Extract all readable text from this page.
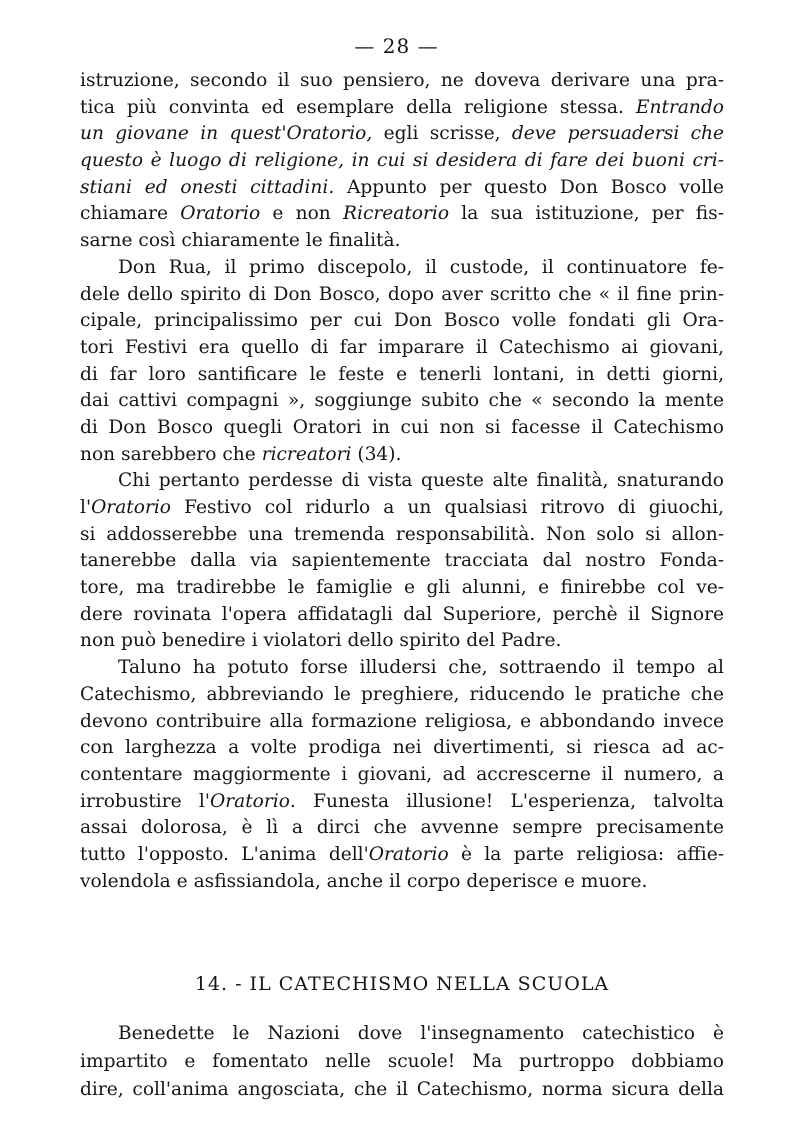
— 28 —
istruzione, secondo il suo pensiero, ne doveva derivare una pra-
tica più convinta ed esemplare della religione stessa. Entrando
un giovane in quest'Oratorio, egli scrisse, deve persuadersi che
questo è luogo di religione, in cui si desidera di fare dei buoni cri-
stiani ed onesti cittadini. Appunto per questo Don Bosco volle
chiamare Oratorio e non Ricreatorio la sua istituzione, per fis-
sarne così chiaramente le finalità.
Don Rua, il primo discepolo, il custode, il continuatore fe-
dele dello spirito di Don Bosco, dopo aver scritto che « il fine prin-
cipale, principalissimo per cui Don Bosco volle fondati gli Ora-
tori Festivi era quello di far imparare il Catechismo ai giovani,
di far loro santificare le feste e tenerli lontani, in detti giorni,
dai cattivi compagni », soggiunge subito che « secondo la mente
di Don Bosco quegli Oratori in cui non si facesse il Catechismo
non sarebbero che ricreatori (34).
Chi pertanto perdesse di vista queste alte finalità, snaturando
l'Oratorio Festivo col ridurlo a un qualsiasi ritrovo di giuochi,
si addosserebbe una tremenda responsabilità. Non solo si allon-
tanerebbe dalla via sapientemente tracciata dal nostro Fonda-
tore, ma tradirebbe le famiglie e gli alunni, e finirebbe col ve-
dere rovinata l'opera affidatagli dal Superiore, perchè il Signore
non può benedire i violatori dello spirito del Padre.
Taluno ha potuto forse illudersi che, sottraendo il tempo al
Catechismo, abbreviando le preghiere, riducendo le pratiche che
devono contribuire alla formazione religiosa, e abbondando invece
con larghezza a volte prodiga nei divertimenti, si riesca ad ac-
contentare maggiormente i giovani, ad accrescerne il numero, a
irrobustire l'Oratorio. Funesta illusione! L'esperienza, talvolta
assai dolorosa, è lì a dirci che avvenne sempre precisamente
tutto l'opposto. L'anima dell'Oratorio è la parte religiosa: affie-
volendola e asfissiandola, anche il corpo deperisce e muore.
14. - IL CATECHISMO NELLA SCUOLA
Benedette le Nazioni dove l'insegnamento catechistico è
impartito e fomentato nelle scuole! Ma purtroppo dobbiamo
dire, coll'anima angosciata, che il Catechismo, norma sicura della
